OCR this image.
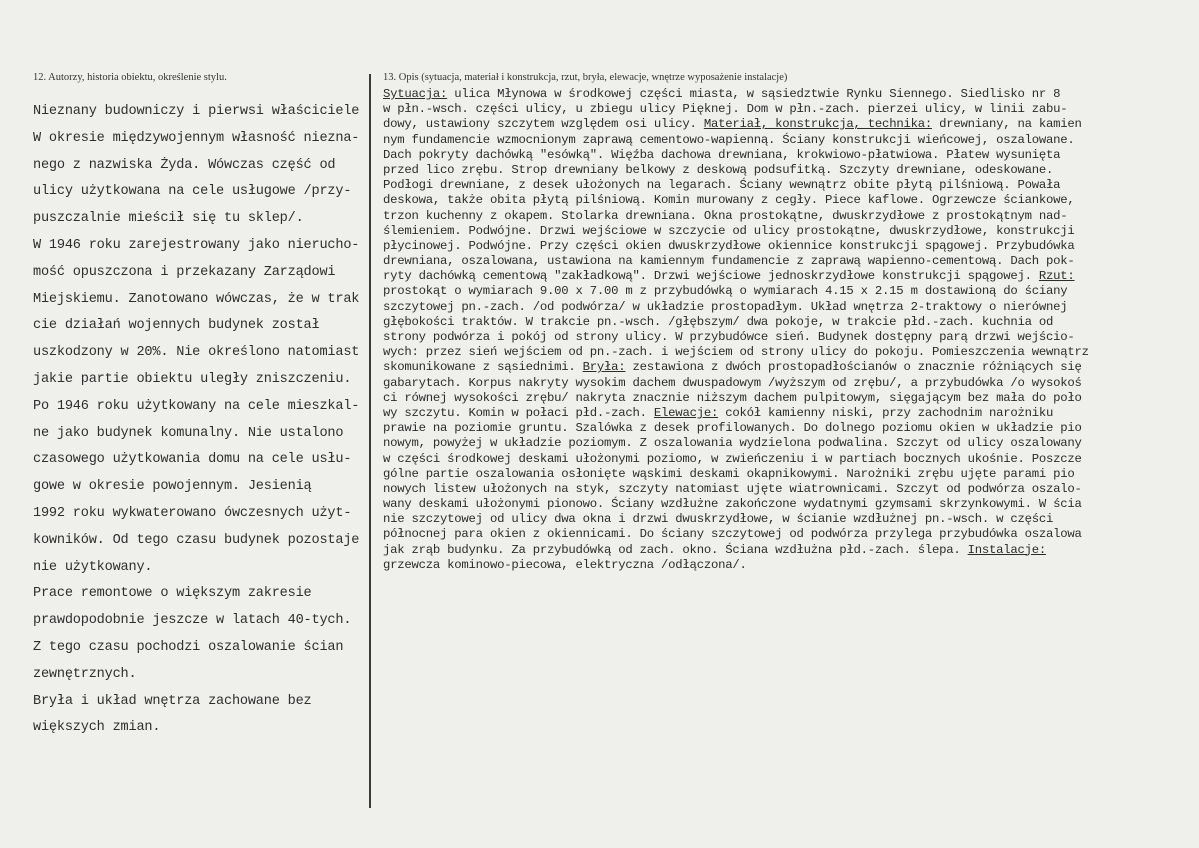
12. Autorzy, historia obiektu, określenie stylu.
Nieznany budowniczy i pierwsi właściciele
W okresie międzywojennym własność niezna-
nego z nazwiska Żyda. Wówczas część od
ulicy użytkowana na cele usługowe /przy-
puszczalnie mieścił się tu sklep/.
W 1946 roku zarejestrowany jako nierucho-
mość opuszczona i przekazany Zarządowi
Miejskiemu. Zanotowano wówczas, że w trak
cie działań wojennych budynek został
uszkodzony w 20%. Nie określono natomiast
jakie partie obiektu uległy zniszczeniu.
Po 1946 roku użytkowany na cele mieszkal-
ne jako budynek komunalny. Nie ustalono
czasowego użytkowania domu na cele usłu-
gowe w okresie powojennym. Jesienią
1992 roku wykwaterowano ówczesnych użyt-
kowników. Od tego czasu budynek pozostaje
nie użytkowany.
Prace remontowe o większym zakresie
prawdopodobnie jeszcze w latach 40-tych.
Z tego czasu pochodzi oszalowanie ścian
zewnętrznych.
Bryła i układ wnętrza zachowane bez
większych zmian.
13. Opis (sytuacja, materiał i konstrukcja, rzut, bryła, elewacje, wnętrze wyposażenie instalacje)
Sytuacja: ulica Młynowa w środkowej części miasta, w sąsiedztwie Rynku Siennego. Siedlisko nr 8
w płn.-wsch. części ulicy, u zbiegu ulicy Pięknej. Dom w płn.-zach. pierzei ulicy, w linii zabu-
dowy, ustawiony szczytem względem osi ulicy. Materiał, konstrukcja, technika: drewniany, na kamien
nym fundamencie wzmocnionym zaprawą cementowo-wapienną. Ściany konstrukcji wieńcowej, oszalowane.
Dach pokryty dachówką "esówką". Więźba dachowa drewniana, krokwiowo-płatwiowa. Płatew wysunięta
przed lico zrębu. Strop drewniany belkowy z deskową podsufitką. Szczyty drewniane, odeskowane.
Podłogi drewniane, z desek ułożonych na legarach. Ściany wewnątrz obite płytą pilśniową. Powała
deskowa, także obita płytą pilśniową. Komin murowany z cegły. Piece kaflowe. Ogrzewcze ściankowe,
trzon kuchenny z okapem. Stolarka drewniana. Okna prostokątne, dwuskrzydłowe z prostokątnym nad-
ślemieniem. Podwójne. Drzwi wejściowe w szczycie od ulicy prostokątne, dwuskrzydłowe, konstrukcji
płycinowej. Podwójne. Przy części okien dwuskrzydłowe okiennice konstrukcji spągowej. Przybudówka
drewniana, oszalowana, ustawiona na kamiennym fundamencie z zaprawą wapienno-cementową. Dach pok-
ryty dachówką cementową "zakładkową". Drzwi wejściowe jednoskrzydłowe konstrukcji spągowej. Rzut:
prostokąt o wymiarach 9.00 x 7.00 m z przybudówką o wymiarach 4.15 x 2.15 m dostawioną do ściany
szczytowej pn.-zach. /od podwórza/ w układzie prostopadłym. Układ wnętrza 2-traktowy o nierównej
głębokości traktów. W trakcie pn.-wsch. /głębszym/ dwa pokoje, w trakcie płd.-zach. kuchnia od
strony podwórza i pokój od strony ulicy. W przybudówce sień. Budynek dostępny parą drzwi wejścio-
wych: przez sień wejściem od pn.-zach. i wejściem od strony ulicy do pokoju. Pomieszczenia wewnątrz
skomunikowane z sąsiednimi. Bryła: zestawiona z dwóch prostopadłościanów o znacznie różniących się
gabarytach. Korpus nakryty wysokim dachem dwuspadowym /wyższym od zrębu/, a przybudówka /o wysokoś
ci równej wysokości zrębu/ nakryta znacznie niższym dachem pulpitowym, sięgającym bez mała do poło
wy szczytu. Komin w połaci płd.-zach. Elewacje: cokół kamienny niski, przy zachodnim narożniku
prawie na poziomie gruntu. Szalówka z desek profilowanych. Do dolnego poziomu okien w układzie pio
nowym, powyżej w układzie poziomym. Z oszalowania wydzielona podwalina. Szczyt od ulicy oszalowany
w części środkowej deskami ułożonymi poziomo, w zwieńczeniu i w partiach bocznych ukośnie. Poszcze
gólne partie oszalowania osłonięte wąskimi deskami okapnikowymi. Narożniki zrębu ujęte parami pio
nowych listew ułożonych na styk, szczyty natomiast ujęte wiatrownicami. Szczyt od podwórza oszalo-
wany deskami ułożonymi pionowo. Ściany wzdłużne zakończone wydatnymi gzymsami skrzynkowymi. W ścia
nie szczytowej od ulicy dwa okna i drzwi dwuskrzydłowe, w ścianie wzdłużnej pn.-wsch. w części
północnej para okien z okiennicami. Do ściany szczytowej od podwórza przylega przybudówka oszalowa
jak zrąb budynku. Za przybudówką od zach. okno. Ściana wzdłużna płd.-zach. ślepa. Instalacje:
grzewcza kominowo-piecowa, elektryczna /odłączona/.
